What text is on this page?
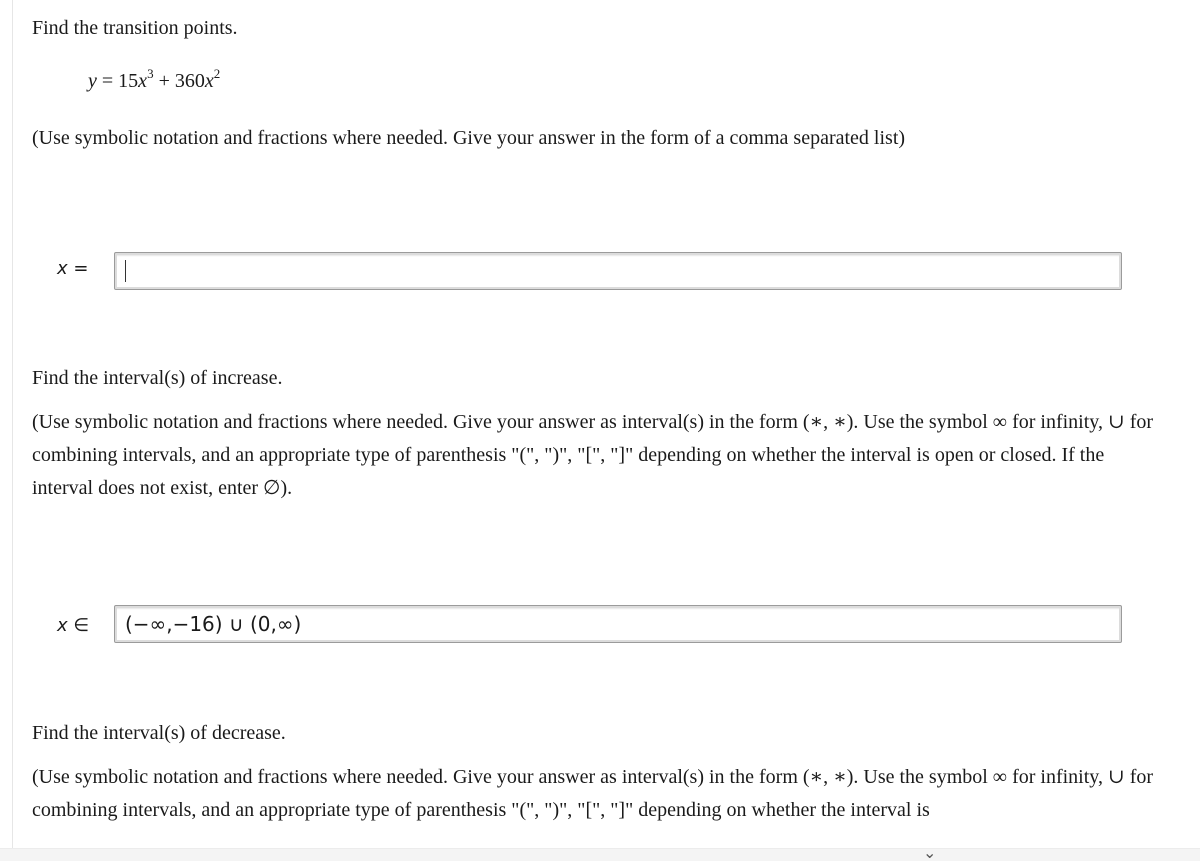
Find the transition points.
$y = 15x^3 + 360x^2$
(Use symbolic notation and fractions where needed. Give your answer in the form of a comma separated list)
x =
Find the interval(s) of increase.
(Use symbolic notation and fractions where needed. Give your answer as interval(s) in the form (∗, ∗). Use the symbol ∞ for infinity, ∪ for combining intervals, and an appropriate type of parenthesis "(", ")", "[", "]" depending on whether the interval is open or closed. If the interval does not exist, enter ∅).
x ∈ (−∞,−16) ∪ (0,∞)
Find the interval(s) of decrease.
(Use symbolic notation and fractions where needed. Give your answer as interval(s) in the form (∗, ∗). Use the symbol ∞ for infinity, ∪ for combining intervals, and an appropriate type of parenthesis "(", ")", "[", "]" depending on whether the interval is
⌄
